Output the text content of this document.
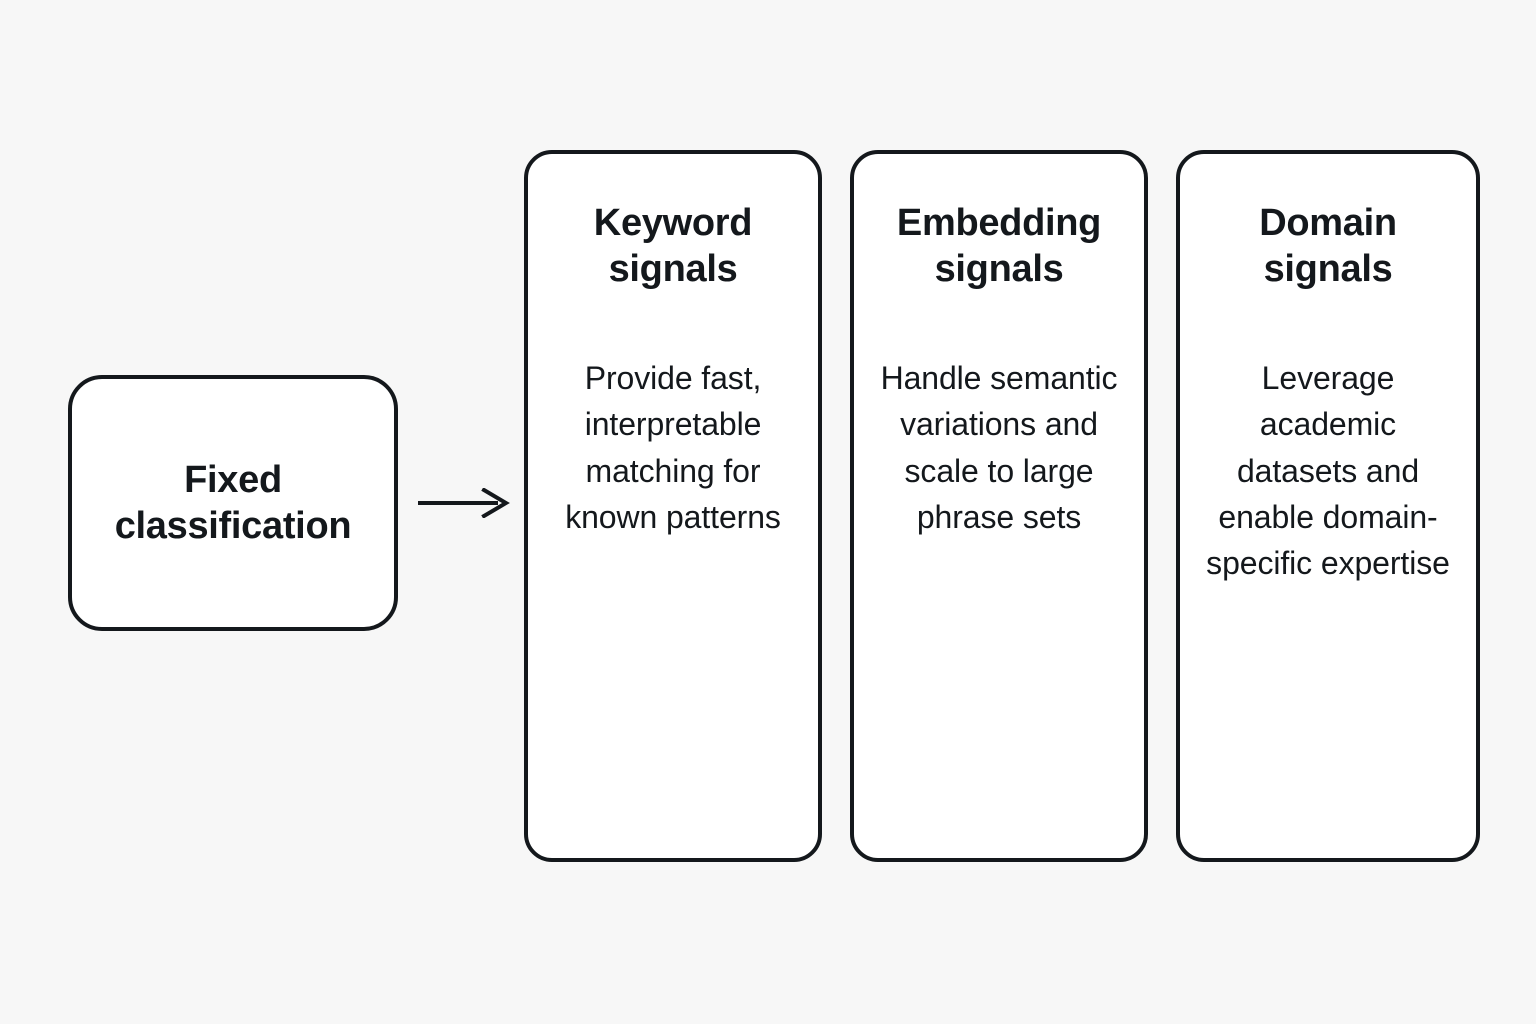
Fixed classification
Keyword signals
Provide fast, interpretable matching for known patterns
Embedding signals
Handle semantic variations and scale to large phrase sets
Domain signals
Leverage academic datasets and enable domain-specific expertise
